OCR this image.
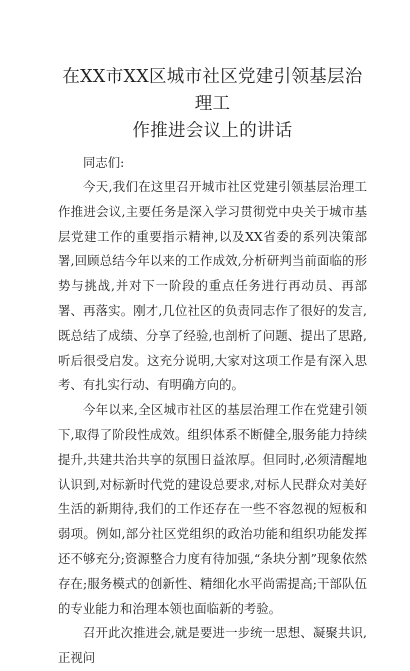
在XX市XX区城市社区党建引领基层治理工
作推进会议上的讲话

同志们:

今天,我们在这里召开城市社区党建引领基层治理工作推进会议,主要任务是深入学习贯彻党中央关于城市基层党建工作的重要指示精神,以及XX省委的系列决策部署,回顾总结今年以来的工作成效,分析研判当前面临的形势与挑战,并对下一阶段的重点任务进行再动员、再部署、再落实。刚才,几位社区的负责同志作了很好的发言,既总结了成绩、分享了经验,也剖析了问题、提出了思路,听后很受启发。这充分说明,大家对这项工作是有深入思考、有扎实行动、有明确方向的。

今年以来,全区城市社区的基层治理工作在党建引领下,取得了阶段性成效。组织体系不断健全,服务能力持续提升,共建共治共享的氛围日益浓厚。但同时,必须清醒地认识到,对标新时代党的建设总要求,对标人民群众对美好生活的新期待,我们的工作还存在一些不容忽视的短板和弱项。例如,部分社区党组织的政治功能和组织功能发挥还不够充分;资源整合力度有待加强,“条块分割”现象依然存在;服务模式的创新性、精细化水平尚需提高;干部队伍的专业能力和治理本领也面临新的考验。

召开此次推进会,就是要进一步统一思想、凝聚共识,正视问
